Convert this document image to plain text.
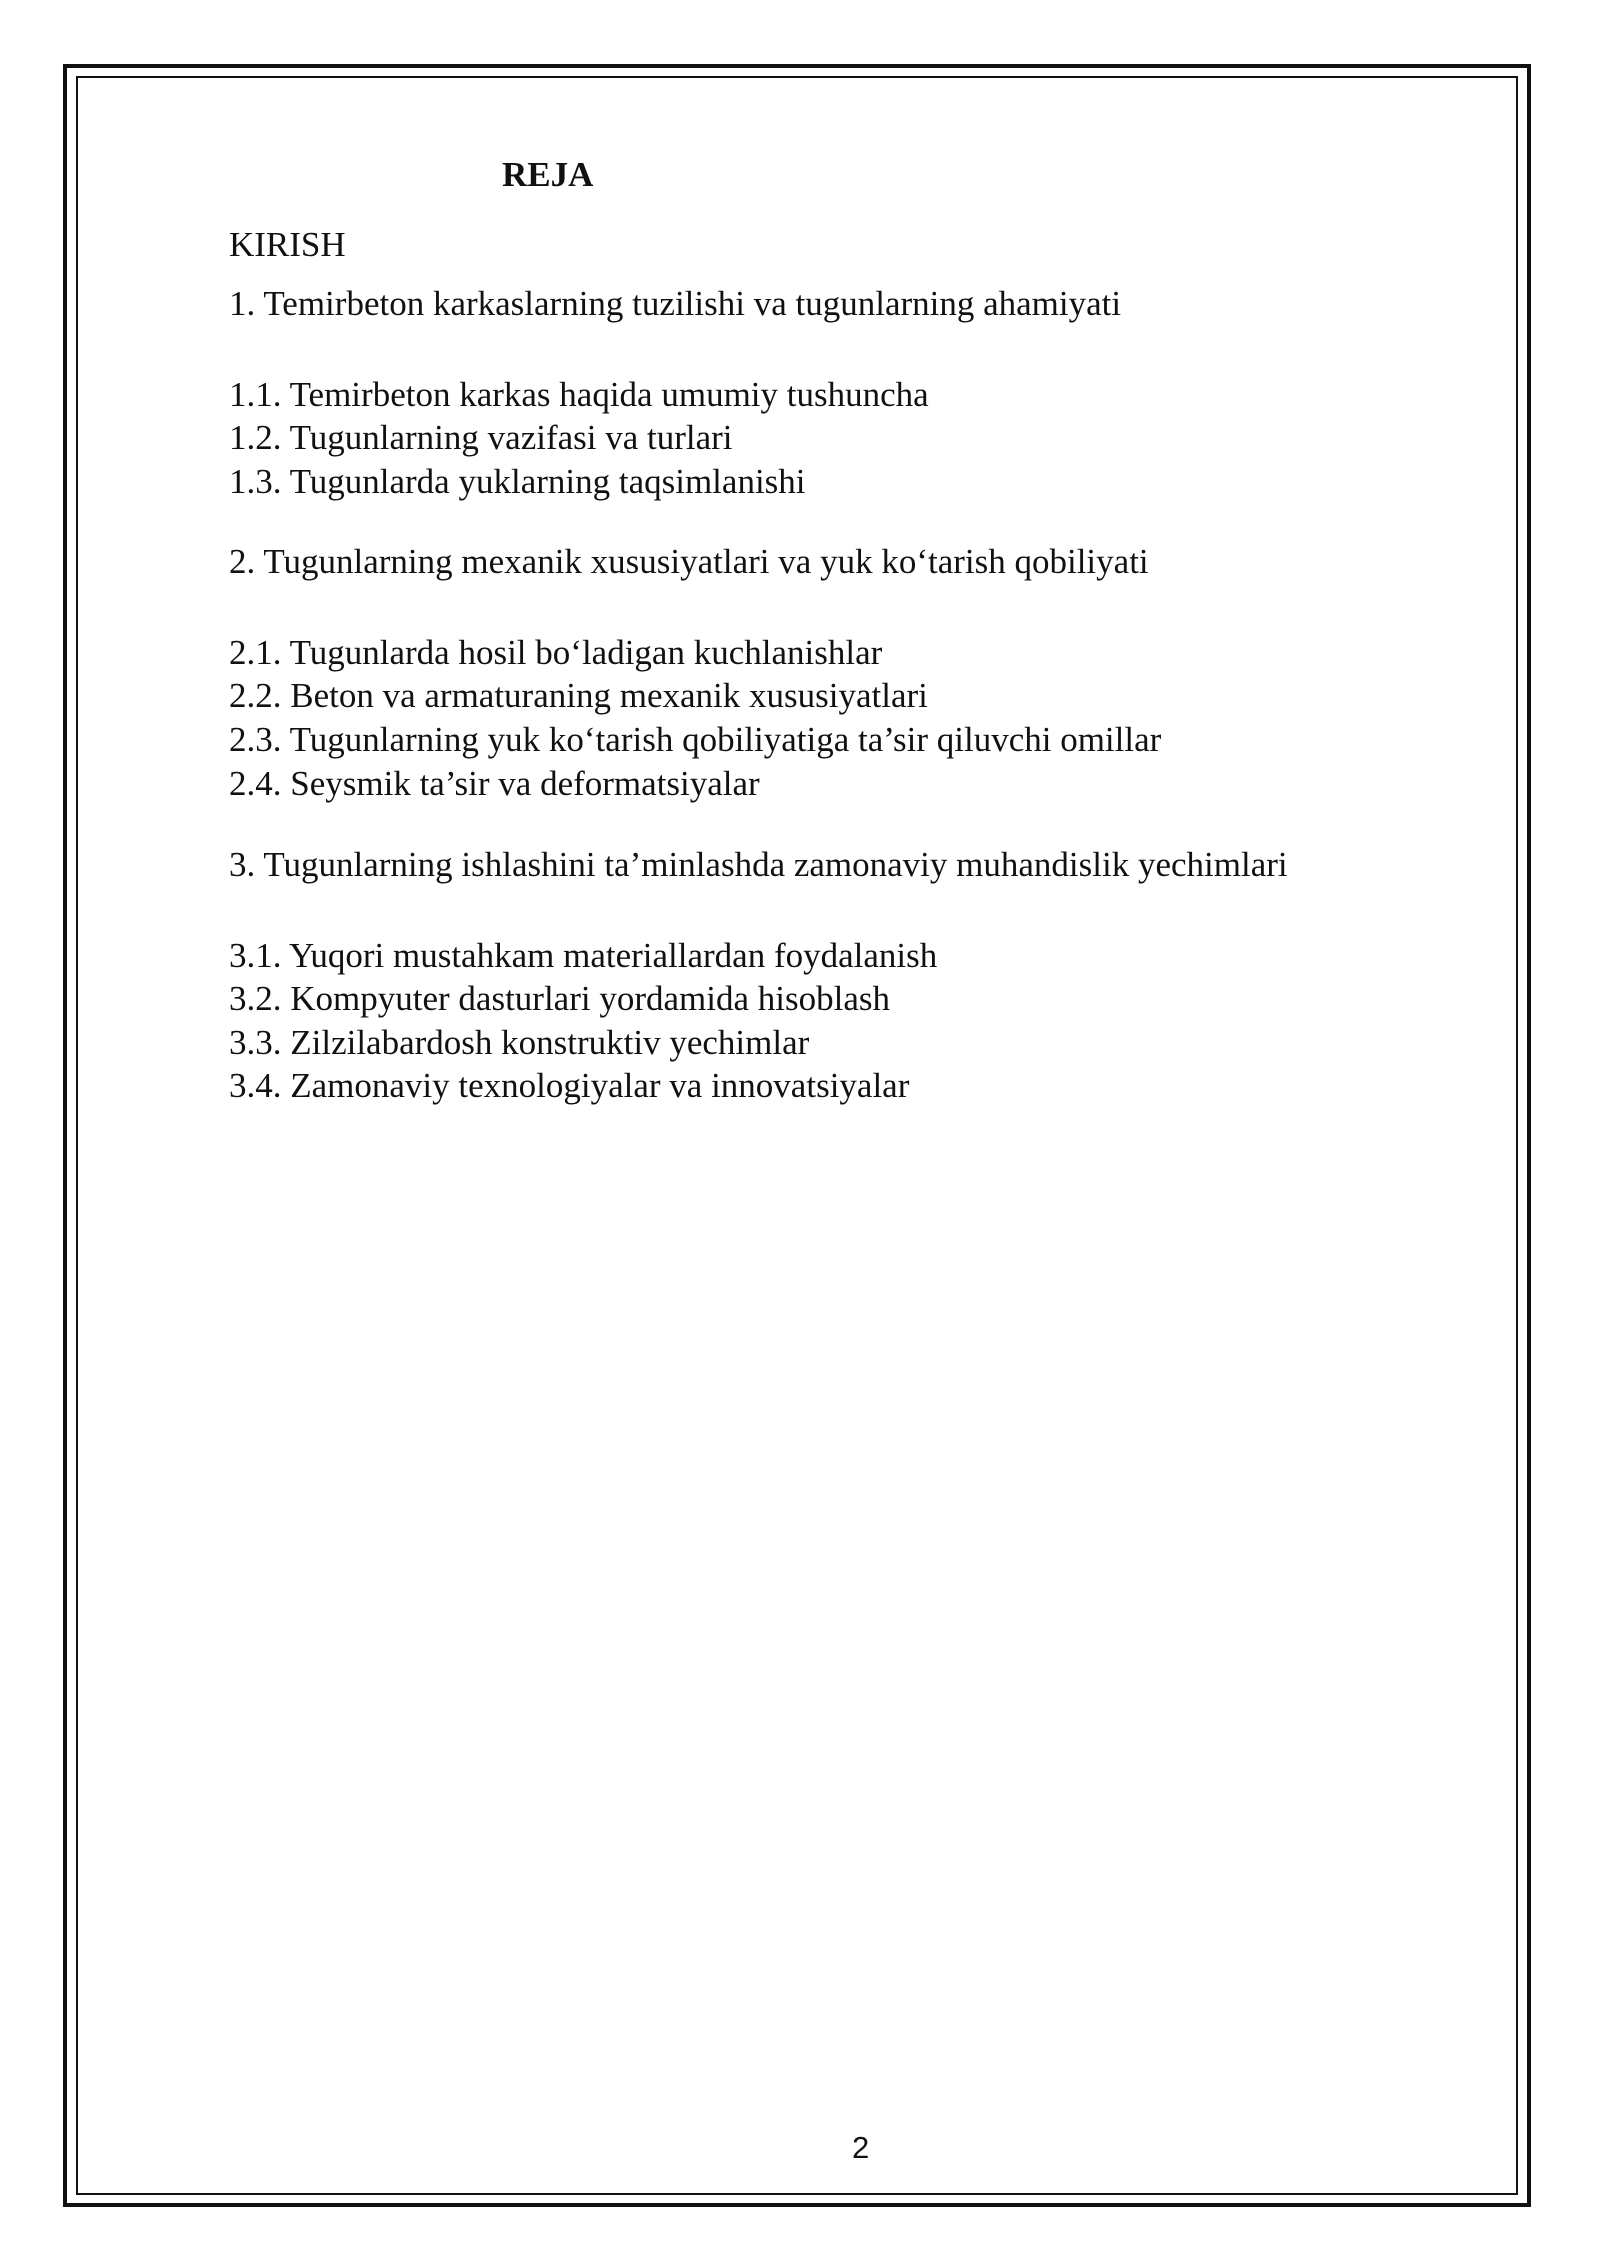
REJA
KIRISH
1. Temirbeton karkaslarning tuzilishi va tugunlarning ahamiyati
1.1. Temirbeton karkas haqida umumiy tushuncha
1.2. Tugunlarning vazifasi va turlari
1.3. Tugunlarda yuklarning taqsimlanishi
2. Tugunlarning mexanik xususiyatlari va yuk ko‘tarish qobiliyati
2.1. Tugunlarda hosil bo‘ladigan kuchlanishlar
2.2. Beton va armaturaning mexanik xususiyatlari
2.3. Tugunlarning yuk ko‘tarish qobiliyatiga ta’sir qiluvchi omillar
2.4. Seysmik ta’sir va deformatsiyalar
3. Tugunlarning ishlashini ta’minlashda zamonaviy muhandislik yechimlari
3.1. Yuqori mustahkam materiallardan foydalanish
3.2. Kompyuter dasturlari yordamida hisoblash
3.3. Zilzilabardosh konstruktiv yechimlar
3.4. Zamonaviy texnologiyalar va innovatsiyalar
2
